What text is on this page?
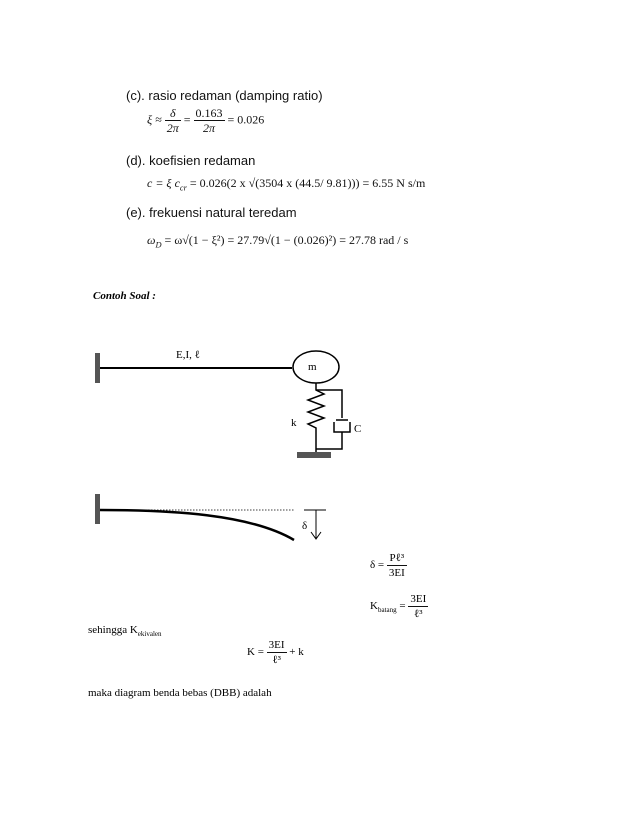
(c). rasio redaman (damping ratio)
$\xi \approx \frac{\delta}{2\pi} = \frac{0.163}{2\pi} = 0.026$
(d). koefisien redaman
c = ξ $c_{cr} = 0.026(2$ x √(3504 x (44.5/ 9.81))) = 6.55 N s/m
(e). frekuensi natural teredam
$\omega_D = \omega√(1 - \xi^2) = 27.79√(1 - (0.026)^2) = 27.78$ rad / s
Contoh Soal :
E,I, ℓ
m
k	C
δ
$\delta = \frac{\text{Pℓ³}}{3EI}$
$K_{batang} = \frac{3EI}{\text{ℓ³}}$
sehingga $K_{ekivalen}$
$K = \frac{3EI}{\text{ℓ³}} + k$
maka diagram benda bebas (DBB) adalah
